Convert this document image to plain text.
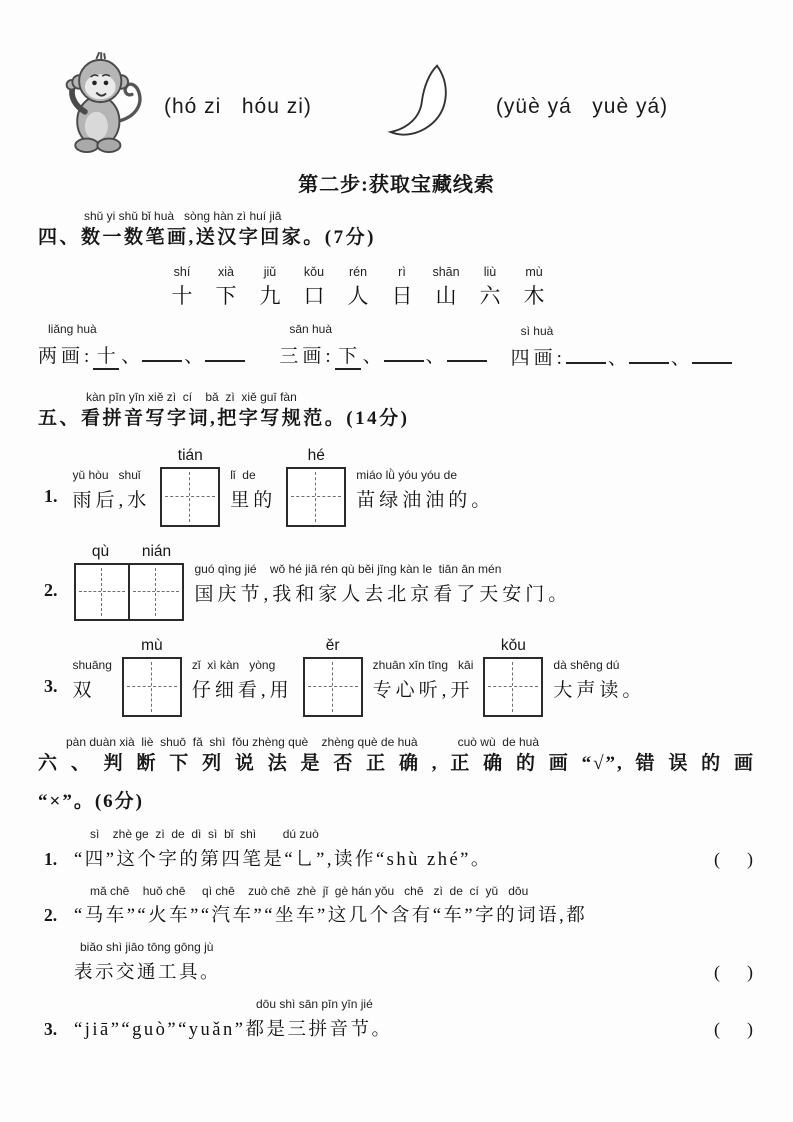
(hó zi   hóu zi)	(yüè yá   yuè yá)
第二步:获取宝藏线索
shǔ yi shǔ bǐ huà   sòng hàn zì huí jiā
四、数一数笔画,送汉字回家。(7分)
shí
十
xià
下
jiǔ
九
kǒu
口
rén
人
rì
日
shān
山
liù
六
mù
木
liǎng huà
两画: 十 、 、
sān huà
三画: 下 、 、
sì huà
四画: 、 、
kàn pīn yīn xiě zì  cí    bǎ  zì  xiě guī fàn
五、看拼音写字词,把字写规范。(14分)
1.
yǔ hòu   shuǐ
雨后,水
tián
lǐ  de
里的
hé
miáo lǜ yóu yóu de
苗绿油油的。
2.
qù	nián
guó qìng jié    wǒ hé jiā rén qù běi jīng kàn le  tiān ān mén
国庆节,我和家人去北京看了天安门。
3.
shuāng
双
mù
zǐ  xì kàn   yòng
仔细看,用
ěr
zhuān xīn tīng   kāi
专心听,开
kǒu
dà shēng dú
大声读。
pàn duàn xià  liè  shuō  fǎ  shì  fǒu zhèng què    zhèng què de huà            cuò wù  de huà
六、判断下列说法是否正确,正确的画“√”,错误的画
“×”。(6分)
sì    zhè ge  zì  de  dì  sì  bǐ  shì        dú zuò
1. “四”这个字的第四笔是“乚”,读作“shù zhé”。	(      )
mǎ chē    huǒ chē     qì chē    zuò chē  zhè  jǐ  gè hán yǒu   chē   zì  de  cí  yǔ   dōu
2. “马车”“火车”“汽车”“坐车”这几个含有“车”字的词语,都
biǎo shì jiāo tōng gōng jù
表示交通工具。	(      )
dōu shì sān pīn yīn jié
3. “jiā”“guò”“yuǎn”都是三拼音节。	(      )
